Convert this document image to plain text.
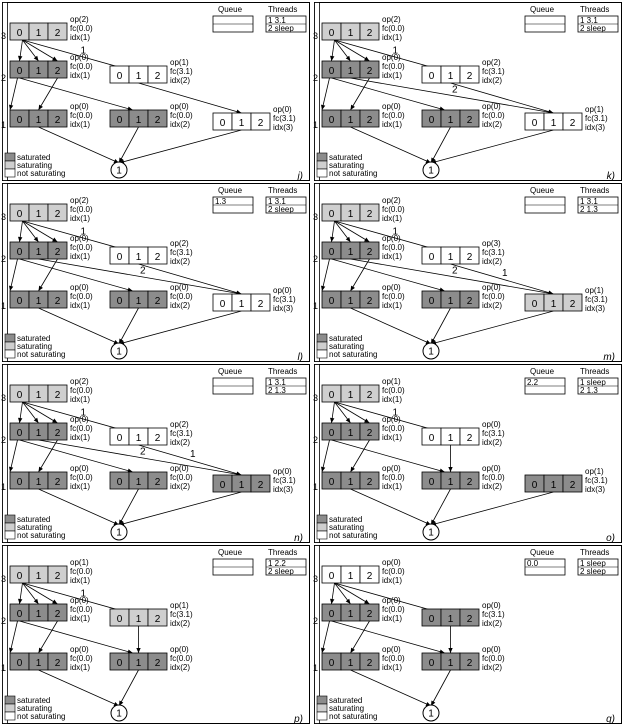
3
2
1
1
0 1 2
op(2)
fc(0.0)
idx(1)
0 1 2
op(0)
fc(0.0)
idx(1)	0 1 2
op(1)
fc(3.1)
idx(2)
0 1 2
op(0)
fc(0.0)
idx(1)	0 1 2
op(0)
fc(0.0)
idx(2)	0 1 2
op(0)
fc(3.1)
idx(3)
1
Queue	Threads
1 3.1
2 sleep
saturated
saturating
not saturating	j)
3
2
1
1
2
0 1 2
op(2)
fc(0.0)
idx(1)
0 1 2
op(0)
fc(0.0)
idx(1)	0 1 2
op(2)
fc(3.1)
idx(2)
0 1 2
op(0)
fc(0.0)
idx(1)	0 1 2
op(0)
fc(0.0)
idx(2)	0 1 2
op(1)
fc(3.1)
idx(3)
1
Queue	Threads
1 3.1
2 sleep
saturated
saturating
not saturating	k)
3
2
1
1
2
0 1 2
op(2)
fc(0.0)
idx(1)
0 1 2
op(0)
fc(0.0)
idx(1)	0 1 2
op(2)
fc(3.1)
idx(2)
0 1 2
op(0)
fc(0.0)
idx(1)	0 1 2
op(0)
fc(0.0)
idx(2)	0 1 2
op(0)
fc(3.1)
idx(3)
1
Queue	Threads
1.3	1 3.1
2 sleep
saturated
saturating
not saturating	l)
3
2
1
1
2	1
0 1 2
op(2)
fc(0.0)
idx(1)
0 1 2
op(0)
fc(0.0)
idx(1)	0 1 2
op(3)
fc(3.1)
idx(2)
0 1 2
op(0)
fc(0.0)
idx(1)	0 1 2
op(0)
fc(0.0)
idx(2)	0 1 2
op(1)
fc(3.1)
idx(3)
1
Queue	Threads
1 3.1
2 1.3
saturated
saturating
not saturating	m)
3
2
1
1
2	1
0 1 2
op(2)
fc(0.0)
idx(1)
0 1 2
op(0)
fc(0.0)
idx(1)	0 1 2
op(2)
fc(3.1)
idx(2)
0 1 2
op(0)
fc(0.0)
idx(1)	0 1 2
op(0)
fc(0.0)
idx(2)	0 1 2
op(0)
fc(3.1)
idx(3)
1
Queue	Threads
1 3.1
2 1.3
saturated
saturating
not saturating	n)
3
2
1
1
0 1 2
op(1)
fc(0.0)
idx(1)
0 1 2
op(0)
fc(0.0)
idx(1)	0 1 2
op(0)
fc(3.1)
idx(2)
0 1 2
op(0)
fc(0.0)
idx(1)	0 1 2
op(0)
fc(0.0)
idx(2)	0 1 2
op(1)
fc(3.1)
idx(3)
1
Queue	Threads
2.2	1 sleep
2 1.3
saturated
saturating
not saturating	o)
3
2
1
1
0 1 2
op(1)
fc(0.0)
idx(1)
0 1 2
op(0)
fc(0.0)
idx(1)	0 1 2
op(1)
fc(3.1)
idx(2)
0 1 2
op(0)
fc(0.0)
idx(1)	0 1 2
op(0)
fc(0.0)
idx(2)
1
Queue	Threads
1 2.2
2 sleep
saturated
saturating
not saturating	p)
3
2
1
0 1 2
op(0)
fc(0.0)
idx(1)
0 1 2
op(0)
fc(0.0)
idx(1)	0 1 2
op(0)
fc(3.1)
idx(2)
0 1 2
op(0)
fc(0.0)
idx(1)	0 1 2
op(0)
fc(0.0)
idx(2)
1
Queue	Threads
0.0	1 sleep
2 sleep
saturated
saturating
not saturating	q)
